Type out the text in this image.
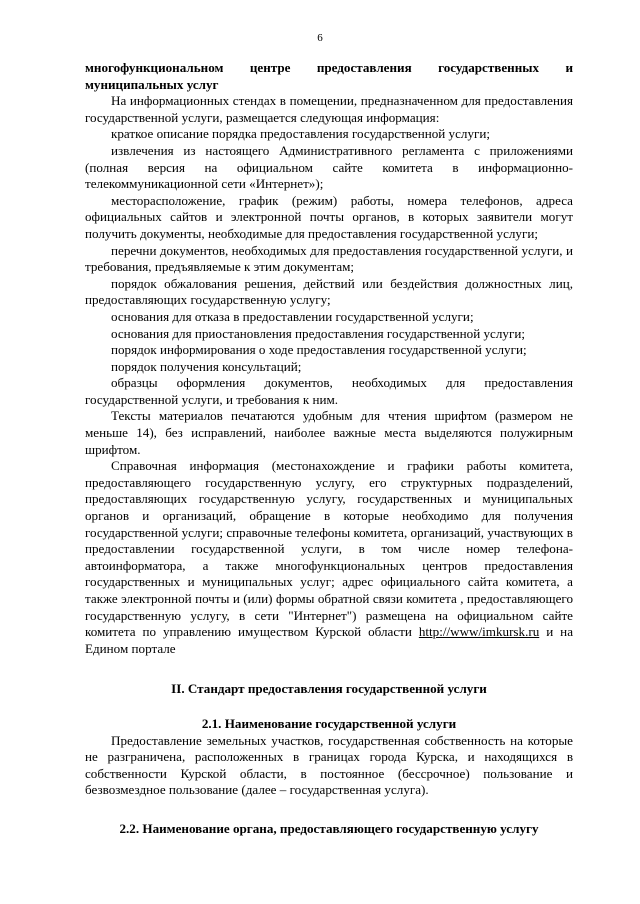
6

многофункциональном центре предоставления государственных и муниципальных услуг

На информационных стендах в помещении, предназначенном для предоставления государственной услуги, размещается следующая информация:

краткое описание порядка предоставления государственной услуги;

извлечения из настоящего Административного регламента с приложениями (полная версия на официальном сайте комитета в информационно-телекоммуникационной сети «Интернет»);

месторасположение, график (режим) работы, номера телефонов, адреса официальных сайтов и электронной почты органов, в которых заявители могут получить документы, необходимые для предоставления государственной услуги;

перечни документов, необходимых для предоставления государственной услуги, и требования, предъявляемые к этим документам;

порядок обжалования решения, действий или бездействия должностных лиц, предоставляющих государственную услугу;

основания для отказа в предоставлении государственной услуги;

основания для приостановления предоставления государственной услуги;

порядок информирования о ходе предоставления государственной услуги;

порядок получения консультаций;

образцы оформления документов, необходимых для предоставления государственной услуги, и требования к ним.

Тексты материалов печатаются удобным для чтения шрифтом (размером не меньше 14), без исправлений, наиболее важные места выделяются полужирным шрифтом.

Справочная информация (местонахождение и графики работы комитета, предоставляющего государственную услугу, его структурных подразделений, предоставляющих государственную услугу, государственных и муниципальных органов и организаций, обращение в которые необходимо для получения государственной услуги; справочные телефоны комитета, организаций, участвующих в предоставлении государственной услуги, в том числе номер телефона-автоинформатора, а также многофункциональных центров предоставления государственных и муниципальных услуг; адрес официального сайта комитета, а также электронной почты и (или) формы обратной связи комитета , предоставляющего государственную услугу, в сети "Интернет") размещена на официальном сайте комитета по управлению имуществом Курской области http://www/imkursk.ru и на Едином портале

II. Стандарт предоставления государственной услуги

2.1. Наименование государственной услуги

Предоставление земельных участков, государственная собственность на которые не разграничена, расположенных в границах города Курска, и находящихся в собственности Курской области, в постоянное (бессрочное) пользование и безвозмездное пользование (далее – государственная услуга).

2.2. Наименование органа, предоставляющего государственную услугу
